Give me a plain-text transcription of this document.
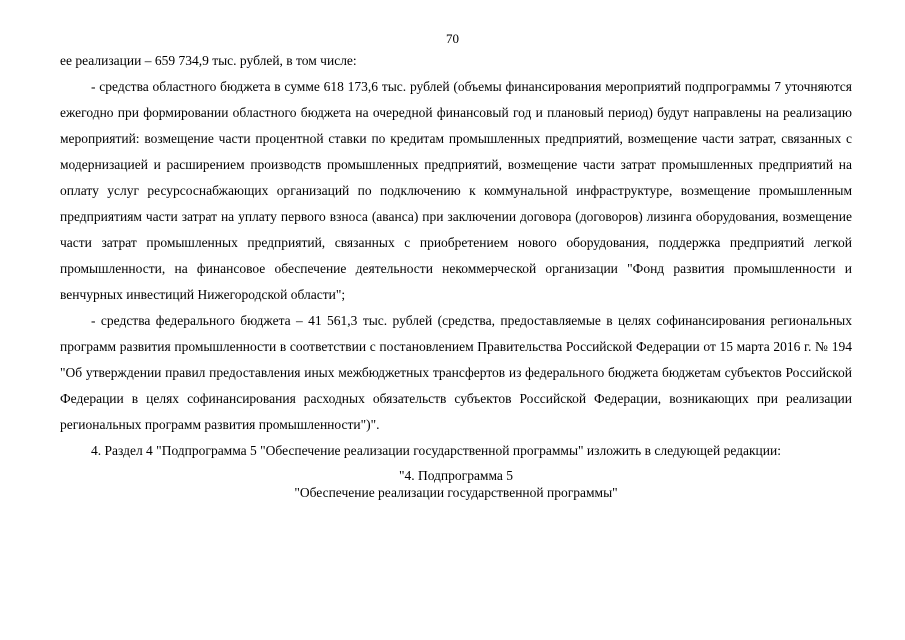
70

ее реализации – 659 734,9 тыс. рублей, в том числе:

- средства областного бюджета в сумме 618 173,6 тыс. рублей (объемы финансирования мероприятий подпрограммы 7 уточняются ежегодно при формировании областного бюджета на очередной финансовый год и плановый период) будут направлены на реализацию мероприятий: возмещение части процентной ставки по кредитам промышленных предприятий, возмещение части затрат, связанных с модернизацией и расширением производств промышленных предприятий, возмещение части затрат промышленных предприятий на оплату услуг ресурсоснабжающих организаций по подключению к коммунальной инфраструктуре, возмещение промышленным предприятиям части затрат на уплату первого взноса (аванса) при заключении договора (договоров) лизинга оборудования, возмещение части затрат промышленных предприятий, связанных с приобретением нового оборудования, поддержка предприятий легкой промышленности, на финансовое обеспечение деятельности некоммерческой организации "Фонд развития промышленности и венчурных инвестиций Нижегородской области";

- средства федерального бюджета – 41 561,3 тыс. рублей (средства, предоставляемые в целях софинансирования региональных программ развития промышленности в соответствии с постановлением Правительства Российской Федерации от 15 марта 2016 г. № 194 "Об утверждении правил предоставления иных межбюджетных трансфертов из федерального бюджета бюджетам субъектов Российской Федерации в целях софинансирования расходных обязательств субъектов Российской Федерации, возникающих при реализации региональных программ развития промышленности")".

4. Раздел 4 "Подпрограмма 5 "Обеспечение реализации государственной программы" изложить в следующей редакции:

"4. Подпрограмма 5
"Обеспечение реализации государственной программы"
